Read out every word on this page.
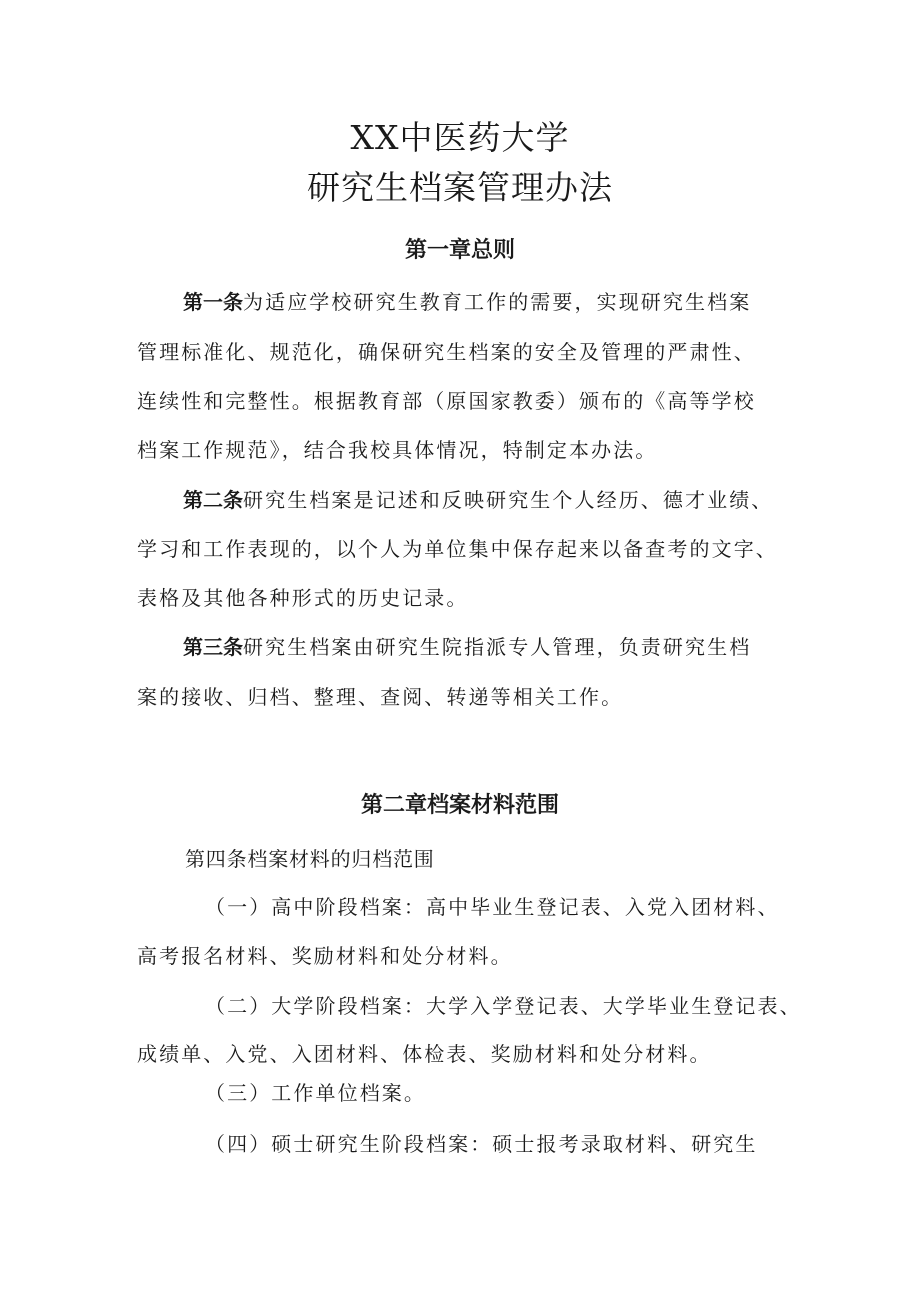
XX中医药大学
研究生档案管理办法
第一章总则
第一条为适应学校研究生教育工作的需要，实现研究生档案
管理标准化、规范化，确保研究生档案的安全及管理的严肃性、
连续性和完整性。根据教育部（原国家教委）颁布的《高等学校
档案工作规范》，结合我校具体情况，特制定本办法。
第二条研究生档案是记述和反映研究生个人经历、德才业绩、
学习和工作表现的，以个人为单位集中保存起来以备查考的文字、
表格及其他各种形式的历史记录。
第三条研究生档案由研究生院指派专人管理，负责研究生档
案的接收、归档、整理、查阅、转递等相关工作。
第二章档案材料范围
第四条档案材料的归档范围
（一）高中阶段档案：高中毕业生登记表、入党入团材料、
高考报名材料、奖励材料和处分材料。
（二）大学阶段档案：大学入学登记表、大学毕业生登记表、
成绩单、入党、入团材料、体检表、奖励材料和处分材料。
（三）工作单位档案。
（四）硕士研究生阶段档案：硕士报考录取材料、研究生
